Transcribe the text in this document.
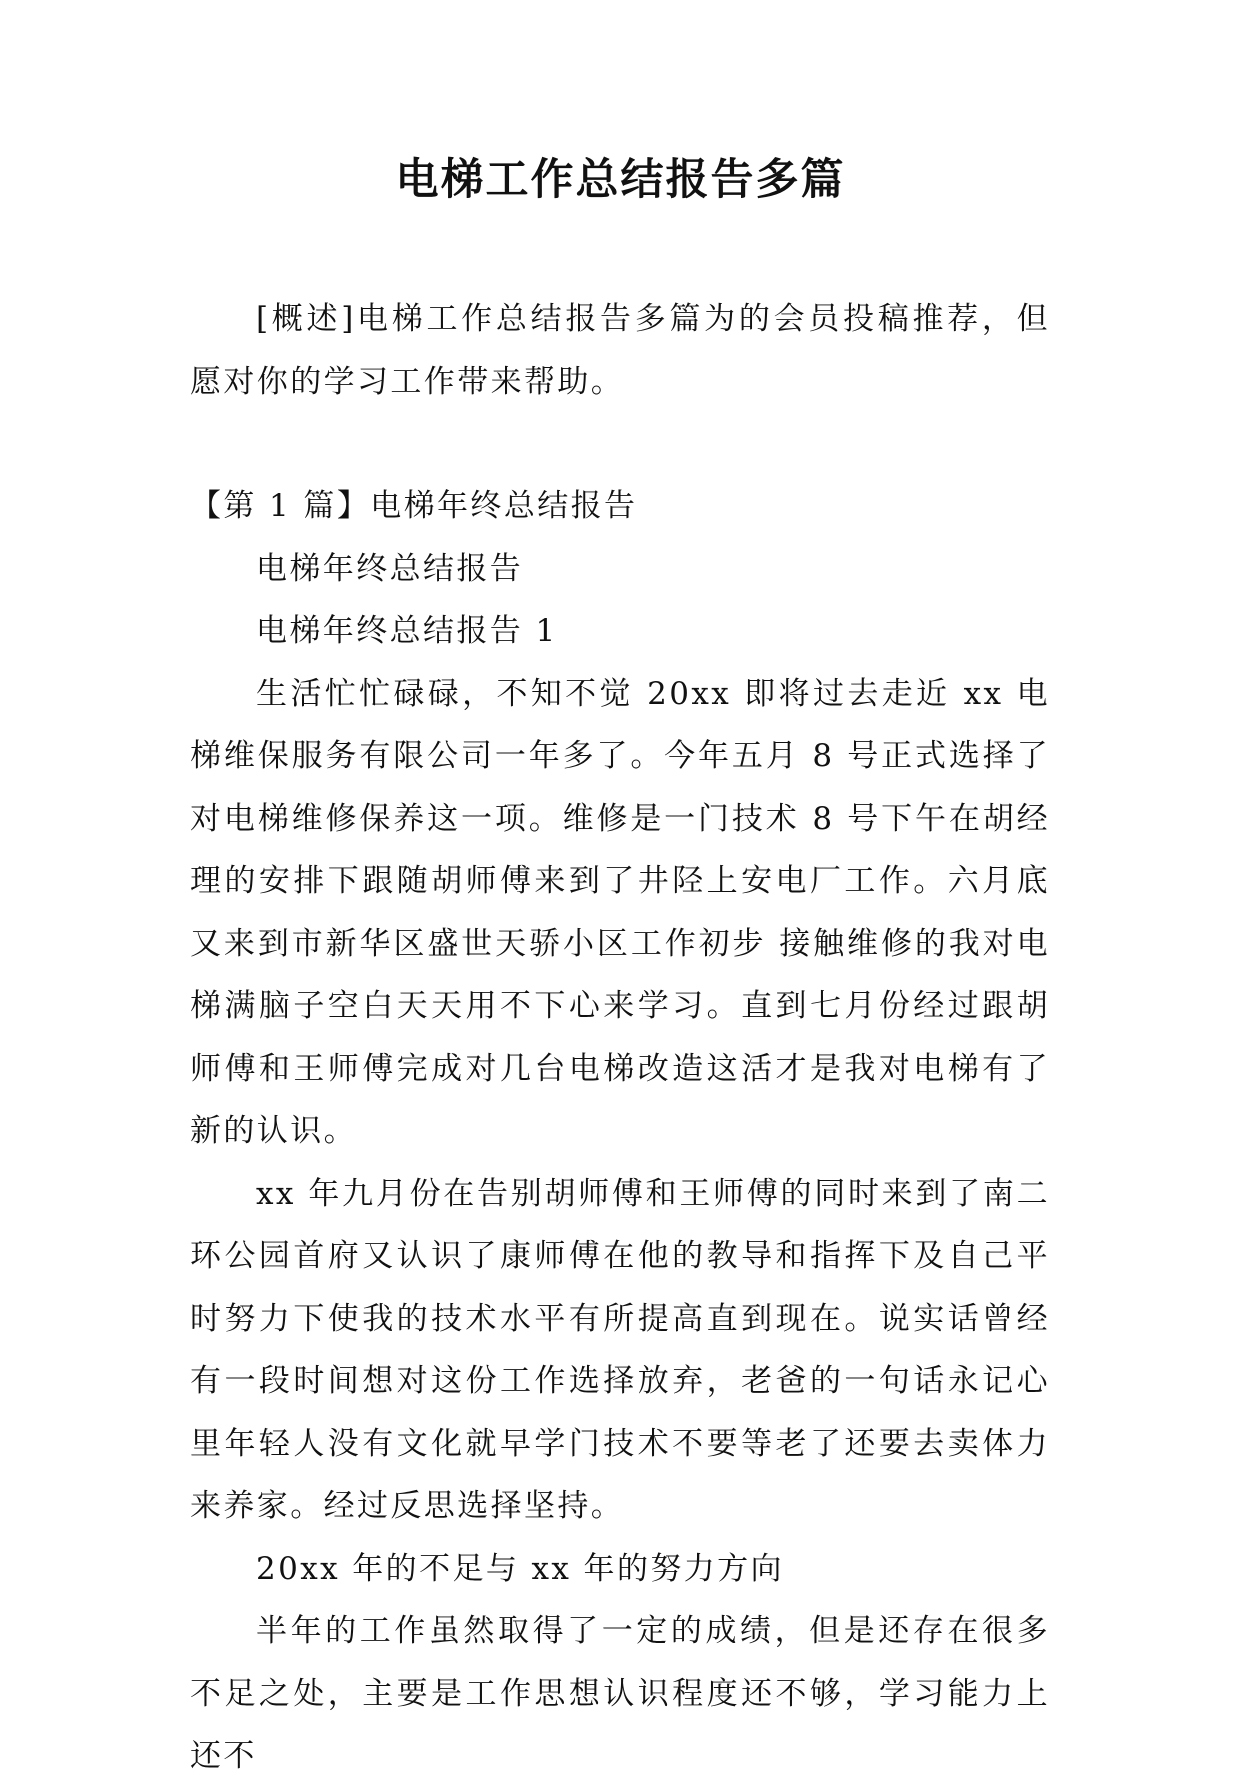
电梯工作总结报告多篇

[概述]电梯工作总结报告多篇为的会员投稿推荐，但愿对你的学习工作带来帮助。

【第 1 篇】电梯年终总结报告

电梯年终总结报告

电梯年终总结报告 1

生活忙忙碌碌，不知不觉 20xx 即将过去走近 xx 电梯维保服务有限公司一年多了。今年五月 8 号正式选择了对电梯维修保养这一项。维修是一门技术 8 号下午在胡经理的安排下跟随胡师傅来到了井陉上安电厂工作。六月底又来到市新华区盛世天骄小区工作初步 接触维修的我对电梯满脑子空白天天用不下心来学习。直到七月份经过跟胡师傅和王师傅完成对几台电梯改造这活才是我对电梯有了新的认识。

xx 年九月份在告别胡师傅和王师傅的同时来到了南二环公园首府又认识了康师傅在他的教导和指挥下及自己平时努力下使我的技术水平有所提高直到现在。说实话曾经有一段时间想对这份工作选择放弃，老爸的一句话永记心里年轻人没有文化就早学门技术不要等老了还要去卖体力来养家。经过反思选择坚持。

20xx 年的不足与 xx 年的努力方向

半年的工作虽然取得了一定的成绩，但是还存在很多不足之处，主要是工作思想认识程度还不够，学习能力上还不
